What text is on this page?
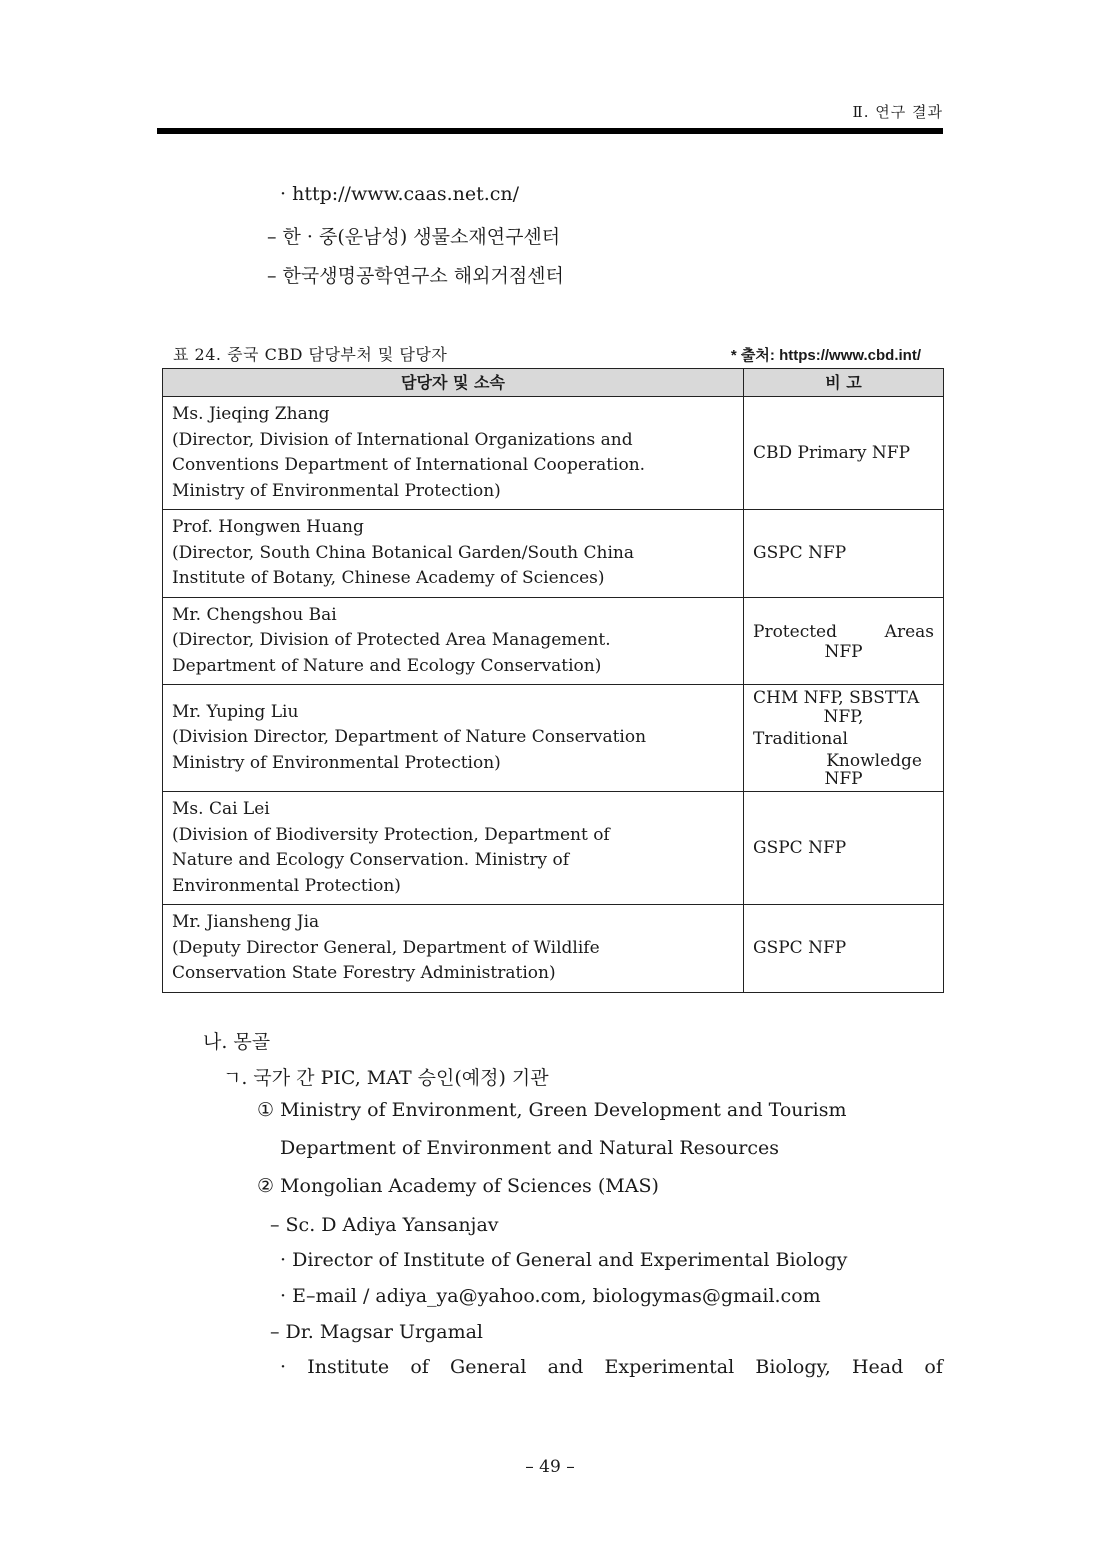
Ⅱ. 연구 결과
· http://www.caas.net.cn/
– 한 · 중(운남성) 생물소재연구센터
– 한국생명공학연구소 해외거점센터
표 24. 중국 CBD 담당부처 및 담당자	* 출처: https://www.cbd.int/
담당자 및 소속	비 고

Ms. Jieqing Zhang
(Director, Division of International Organizations and
Conventions Department of International Cooperation.
Ministry of Environmental Protection)	CBD Primary NFP

Prof. Hongwen Huang
(Director, South China Botanical Garden/South China
Institute of Botany, Chinese Academy of Sciences)	GSPC NFP

Mr. Chengshou Bai
(Director, Division of Protected Area Management.
Department of Nature and Ecology Conservation)	Protected Areas
NFP

Mr. Yuping Liu
(Division Director, Department of Nature Conservation
Ministry of Environmental Protection)	CHM NFP, SBSTTA
NFP,
Traditional
Knowledge
NFP

Ms. Cai Lei
(Division of Biodiversity Protection, Department of
Nature and Ecology Conservation. Ministry of
Environmental Protection)	GSPC NFP

Mr. Jiansheng Jia
(Deputy Director General, Department of Wildlife
Conservation State Forestry Administration)	GSPC NFP
나. 몽골
ㄱ. 국가 간 PIC, MAT 승인(예정) 기관
① Ministry of Environment, Green Development and Tourism
Department of Environment and Natural Resources
② Mongolian Academy of Sciences (MAS)
– Sc. D Adiya Yansanjav
· Director of Institute of General and Experimental Biology
· E–mail / adiya_ya@yahoo.com, biologymas@gmail.com
– Dr. Magsar Urgamal
· Institute of General and Experimental Biology, Head of
– 49 –
